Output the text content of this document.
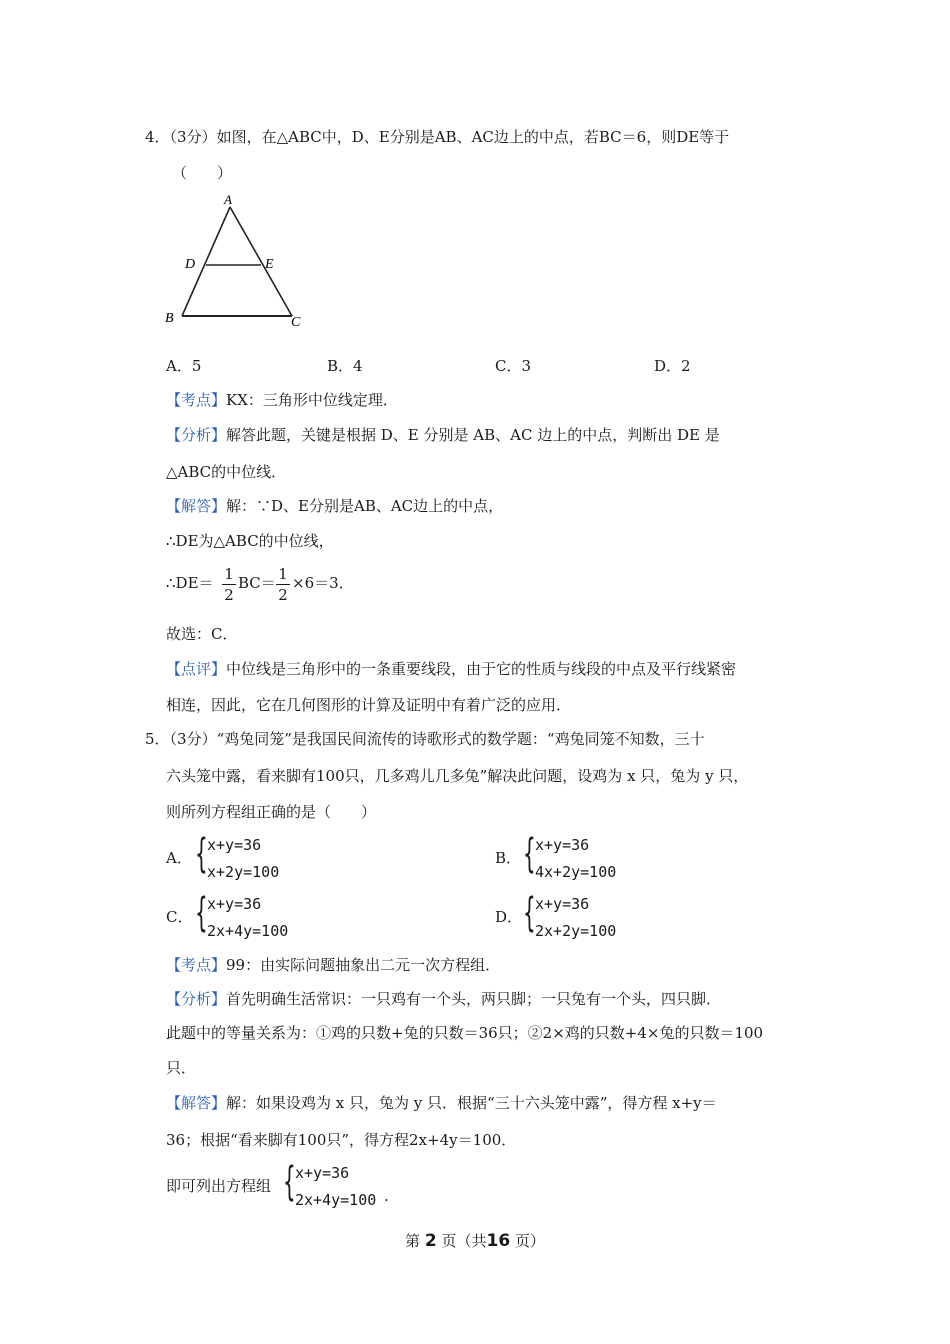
4．（3分）如图，在△ABC中，D、E分别是AB、AC边上的中点，若BC＝6，则DE等于
（　　）
A
D	E
B	C
A．5	B．4	C．3	D．2
【考点】KX：三角形中位线定理．
【分析】解答此题，关键是根据 D、E 分别是 AB、AC 边上的中点，判断出 DE 是
△ABC的中位线．
【解答】解：∵D、E分别是AB、AC边上的中点，
∴DE为△ABC的中位线，
∴DE＝ 1
2
BC＝ 1
2
×6＝3．
故选：C．
【点评】中位线是三角形中的一条重要线段，由于它的性质与线段的中点及平行线紧密
相连，因此，它在几何图形的计算及证明中有着广泛的应用．
5．（3分）“鸡兔同笼”是我国民间流传的诗歌形式的数学题：“鸡兔同笼不知数，三十
六头笼中露，看来脚有100只，几多鸡儿几多兔”解决此问题，设鸡为 x 只，兔为 y 只，
则所列方程组正确的是（　　）
A． { x+y=36
x+2y=100
B． { x+y=36
4x+2y=100
C． { x+y=36
2x+4y=100
D． { x+y=36
2x+2y=100
【考点】99：由实际问题抽象出二元一次方程组．
【分析】首先明确生活常识：一只鸡有一个头，两只脚；一只兔有一个头，四只脚．
此题中的等量关系为：①鸡的只数+兔的只数＝36只；②2×鸡的只数+4×兔的只数＝100
只．
【解答】解：如果设鸡为 x 只，兔为 y 只．根据“三十六头笼中露”，得方程 x+y＝
36；根据“看来脚有100只”，得方程2x+4y＝100．
即可列出方程组 { x+y=36
2x+4y=100 .
第 2 页（共16 页）
